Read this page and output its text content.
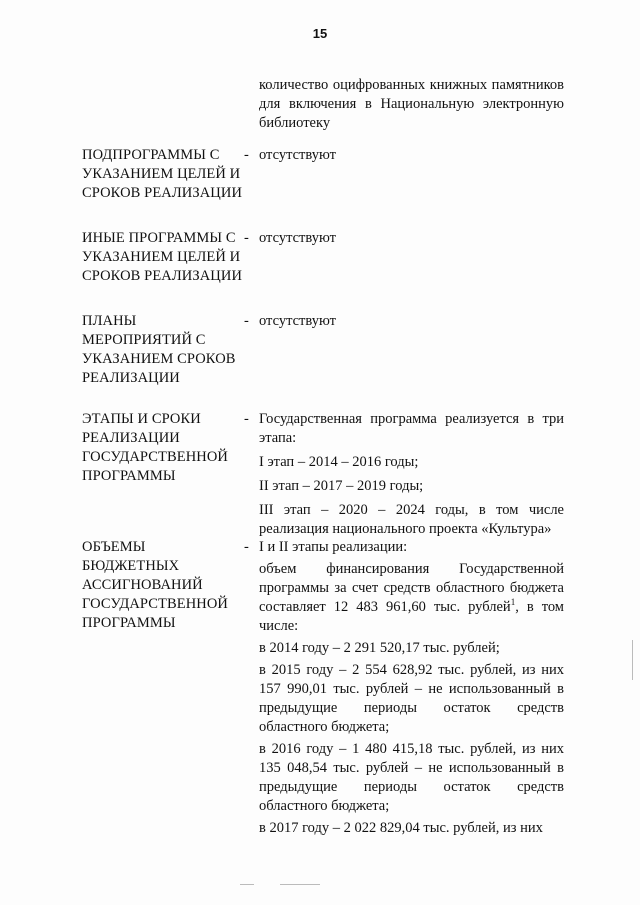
15

количество оцифрованных книжных памятников для включения в Национальную электронную библиотеку

ПОДПРОГРАММЫ С УКАЗАНИЕМ ЦЕЛЕЙ И СРОКОВ РЕАЛИЗАЦИИ
- отсутствуют
ИНЫЕ ПРОГРАММЫ С УКАЗАНИЕМ ЦЕЛЕЙ И СРОКОВ РЕАЛИЗАЦИИ
- отсутствуют
ПЛАНЫ МЕРОПРИЯТИЙ С УКАЗАНИЕМ СРОКОВ РЕАЛИЗАЦИИ
- отсутствуют
ЭТАПЫ И СРОКИ РЕАЛИЗАЦИИ ГОСУДАРСТВЕННОЙ ПРОГРАММЫ
- Государственная программа реализуется в три этапа:

I этап – 2014 – 2016 годы;

II этап – 2017 – 2019 годы;

III этап – 2020 – 2024 годы, в том числе реализация национального проекта «Культура»

ОБЪЕМЫ БЮДЖЕТНЫХ АССИГНОВАНИЙ ГОСУДАРСТВЕННОЙ ПРОГРАММЫ
- I и II этапы реализации:

объем финансирования Государственной программы за счет средств областного бюджета составляет 12 483 961,60 тыс. рублей$^1$, в том числе:

в 2014 году – 2 291 520,17 тыс. рублей;

в 2015 году – 2 554 628,92 тыс. рублей, из них 157 990,01 тыс. рублей – не использованный в предыдущие периоды остаток средств областного бюджета;

в 2016 году – 1 480 415,18 тыс. рублей, из них 135 048,54 тыс. рублей – не использованный в предыдущие периоды остаток средств областного бюджета;

в 2017 году – 2 022 829,04 тыс. рублей, из них
